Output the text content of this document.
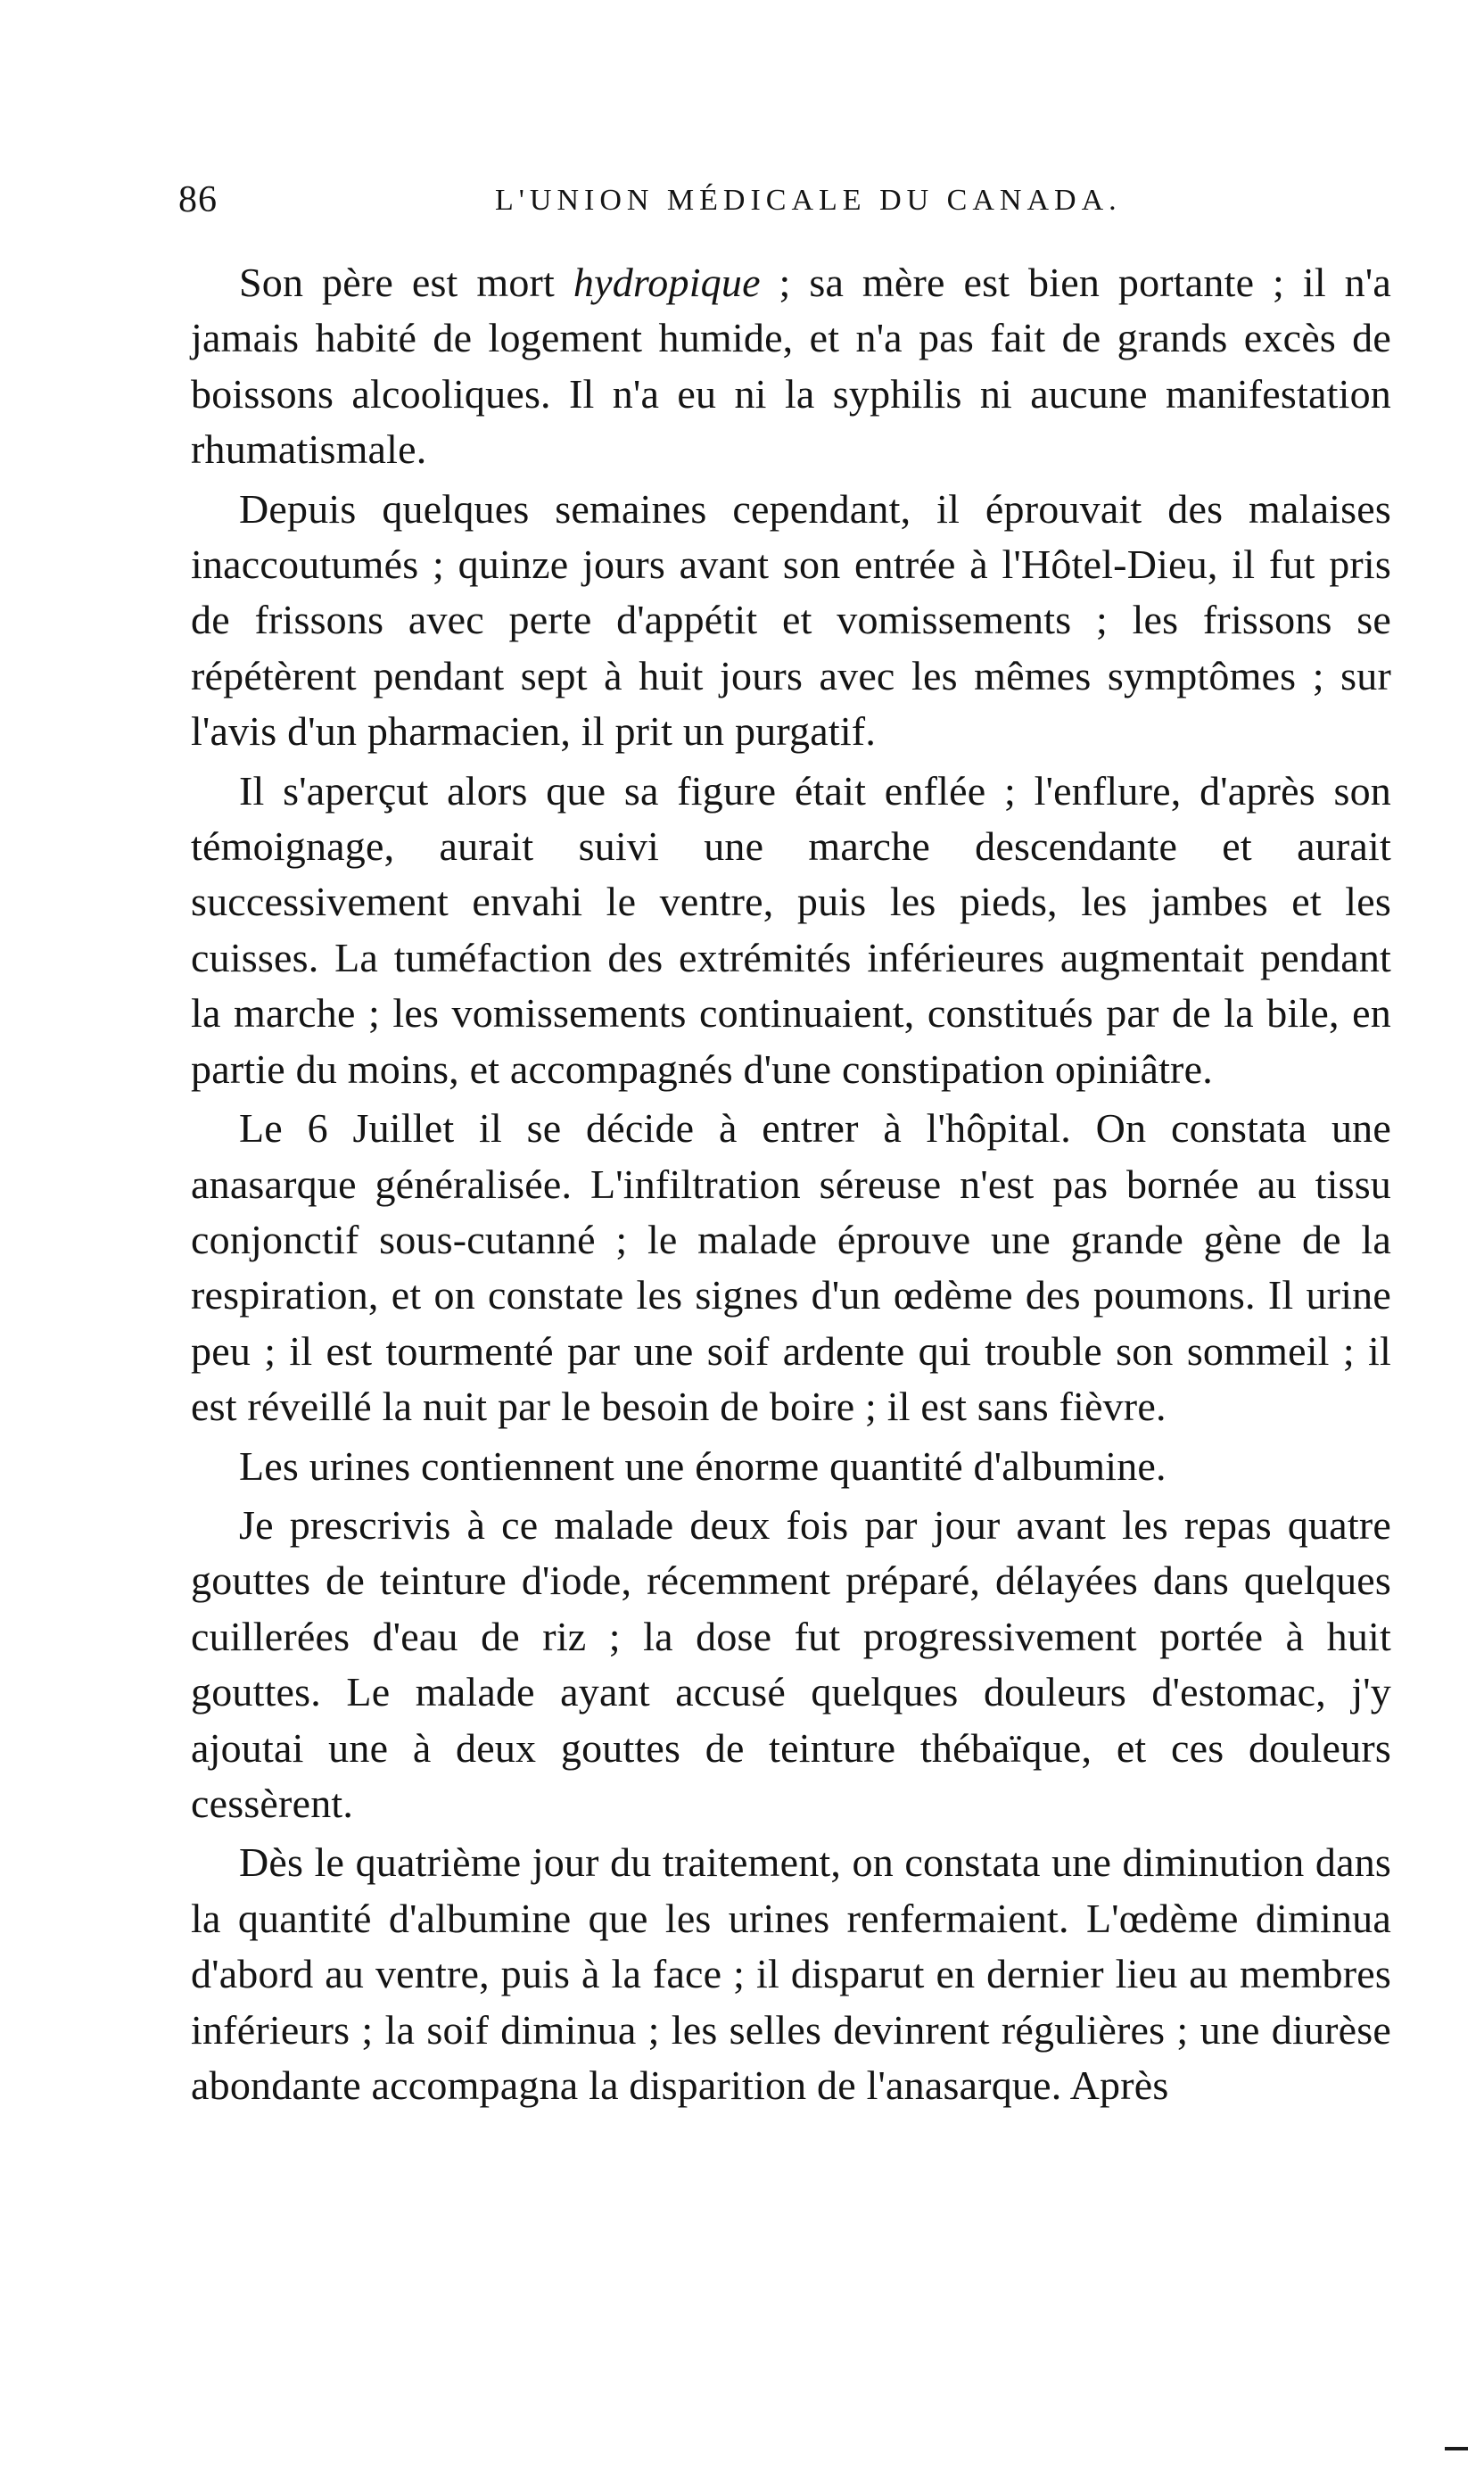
86	L'UNION MÉDICALE DU CANADA.

Son père est mort hydropique ; sa mère est bien portante ; il n'a jamais habité de logement humide, et n'a pas fait de grands excès de boissons alcooliques. Il n'a eu ni la syphilis ni aucune manifestation rhumatismale.

Depuis quelques semaines cependant, il éprouvait des malaises inaccoutumés ; quinze jours avant son entrée à l'Hôtel-Dieu, il fut pris de frissons avec perte d'appétit et vomissements ; les frissons se répétèrent pendant sept à huit jours avec les mêmes symptômes ; sur l'avis d'un pharmacien, il prit un purgatif.

Il s'aperçut alors que sa figure était enflée ; l'enflure, d'après son témoignage, aurait suivi une marche descendante et aurait successivement envahi le ventre, puis les pieds, les jambes et les cuisses. La tuméfaction des extrémités inférieures augmentait pendant la marche ; les vomissements continuaient, constitués par de la bile, en partie du moins, et accompagnés d'une constipation opiniâtre.

Le 6 Juillet il se décide à entrer à l'hôpital. On constata une anasarque généralisée. L'infiltration séreuse n'est pas bornée au tissu conjonctif sous-cutanné ; le malade éprouve une grande gène de la respiration, et on constate les signes d'un œdème des poumons. Il urine peu ; il est tourmenté par une soif ardente qui trouble son sommeil ; il est réveillé la nuit par le besoin de boire ; il est sans fièvre.

Les urines contiennent une énorme quantité d'albumine.

Je prescrivis à ce malade deux fois par jour avant les repas quatre gouttes de teinture d'iode, récemment préparé, délayées dans quelques cuillerées d'eau de riz ; la dose fut progressivement portée à huit gouttes. Le malade ayant accusé quelques douleurs d'estomac, j'y ajoutai une à deux gouttes de teinture thébaïque, et ces douleurs cessèrent.

Dès le quatrième jour du traitement, on constata une diminution dans la quantité d'albumine que les urines renfermaient. L'œdème diminua d'abord au ventre, puis à la face ; il disparut en dernier lieu au membres inférieurs ; la soif diminua ; les selles devinrent régulières ; une diurèse abondante accompagna la disparition de l'anasarque. Après
